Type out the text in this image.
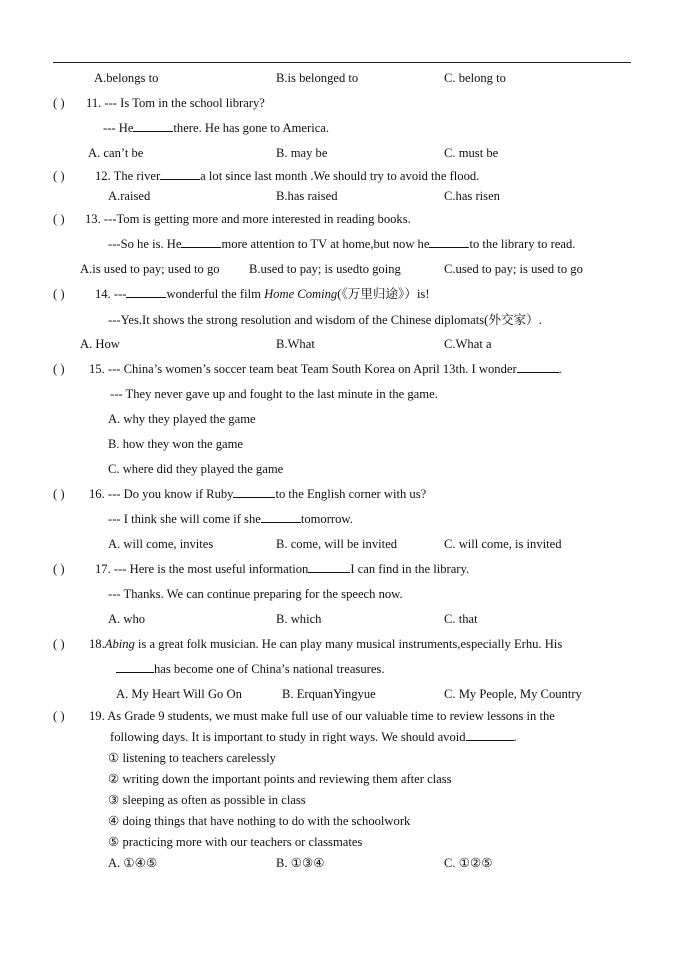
A.belongs to	B.is belonged to	C. belong to
( ) 11. --- Is Tom in the school library?
--- He	there. He has gone to America.
A. can’t be	B. may be	C. must be
( ) 12. The river	a lot since last month .We should try to avoid the flood.
A.raised	B.has raised	C.has risen
( ) 13. ---Tom is getting more and more interested in reading books.
---So he is. He	more attention to TV at home,but now he	to the library to read.
A.is used to pay; used to go B.used to pay; is usedto going	C.used to pay; is used to go
( ) 14. ---	wonderful the film Home Coming(《万里归途》）is!
---Yes.It shows the strong resolution and wisdom of the Chinese diplomats(外交家）.
A. How	B.What	C.What a
( ) 15. --- China’s women’s soccer team beat Team South Korea on April 13th. I wonder	.
--- They never gave up and fought to the last minute in the game.
A. why they played the game
B. how they won the game
C. where did they played the game
( ) 16. --- Do you know if Ruby	to the English corner with us?
--- I think she will come if she	tomorrow.
A. will come, invites	B. come, will be invited	C. will come, is invited
( ) 17. --- Here is the most useful information	I can find in the library.
--- Thanks. We can continue preparing for the speech now.
A. who	B. which	C. that
( ) 18.Abing is a great folk musician. He can play many musical instruments,especially Erhu. His
has become one of China’s national treasures.
A. My Heart Will Go On	B. ErquanYingyue	C. My People, My Country
( ) 19. As Grade 9 students, we must make full use of our valuable time to review lessons in the
following days. It is important to study in right ways. We should avoid	.
① listening to teachers carelessly
② writing down the important points and reviewing them after class
③ sleeping as often as possible in class
④ doing things that have nothing to do with the schoolwork
⑤ practicing more with our teachers or classmates
A. ①④⑤	B. ①③④	C. ①②⑤
